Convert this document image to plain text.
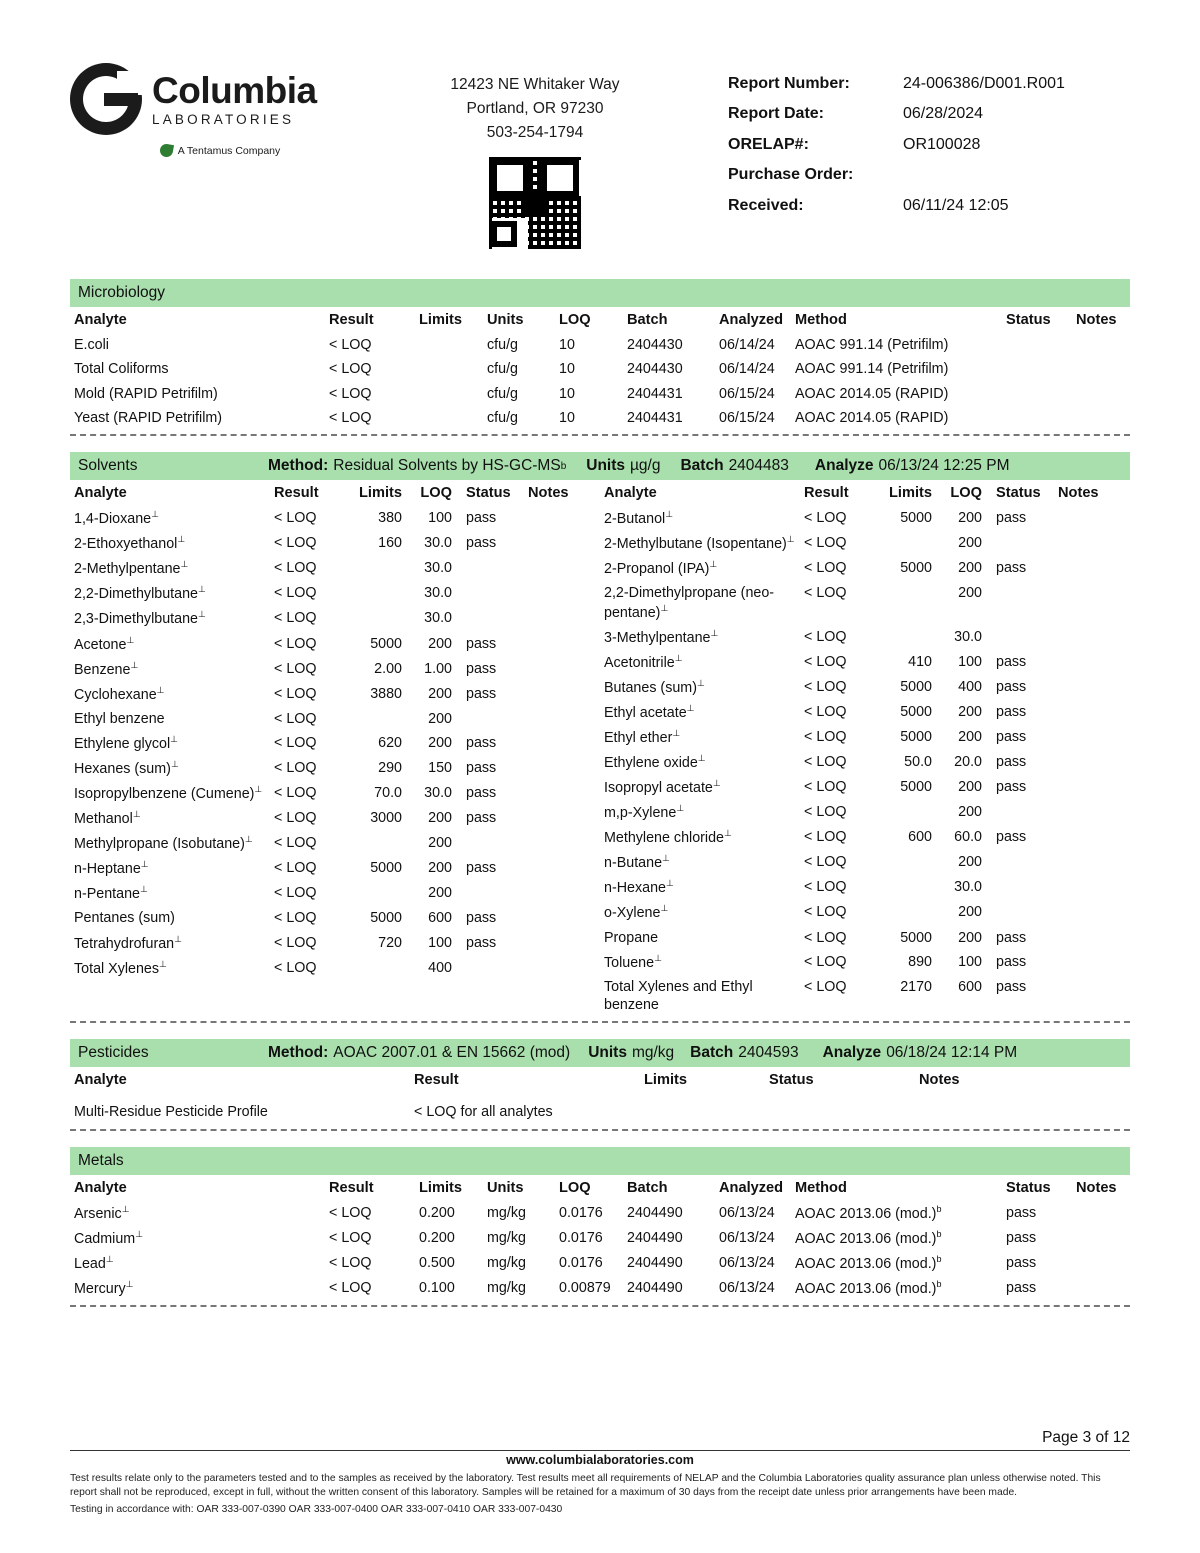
Columbia
LABORATORIES
A Tentamus Company
12423 NE Whitaker Way
Portland, OR 97230
503-254-1794
Report Number:	24-006386/D001.R001
Report Date:	06/28/2024
ORELAP#:	OR100028
Purchase Order:
Received:	06/11/24 12:05
Microbiology
Analyte	Result	Limits	Units	LOQ	Batch	Analyzed	Method	Status	Notes
E.coli	< LOQ		cfu/g	10	2404430	06/14/24	AOAC 991.14 (Petrifilm)		
Total Coliforms	< LOQ		cfu/g	10	2404430	06/14/24	AOAC 991.14 (Petrifilm)		
Mold (RAPID Petrifilm)	< LOQ		cfu/g	10	2404431	06/15/24	AOAC 2014.05 (RAPID)		
Yeast (RAPID Petrifilm)	< LOQ		cfu/g	10	2404431	06/15/24	AOAC 2014.05 (RAPID)		
Solvents	Method: Residual Solvents by HS-GC-MS b Units µg/g Batch 2404483 Analyze 06/13/24 12:25 PM
Analyte	Result	Limits	LOQ	Status	Notes
1,4-Dioxane⊥	< LOQ	380	100	pass	
2-Ethoxyethanol⊥	< LOQ	160	30.0	pass	
2-Methylpentane⊥	< LOQ		30.0		
2,2-Dimethylbutane⊥	< LOQ		30.0		
2,3-Dimethylbutane⊥	< LOQ		30.0		
Acetone⊥	< LOQ	5000	200	pass	
Benzene⊥	< LOQ	2.00	1.00	pass	
Cyclohexane⊥	< LOQ	3880	200	pass	
Ethyl benzene	< LOQ		200		
Ethylene glycol⊥	< LOQ	620	200	pass	
Hexanes (sum)⊥	< LOQ	290	150	pass	
Isopropylbenzene (Cumene)⊥	< LOQ	70.0	30.0	pass	
Methanol⊥	< LOQ	3000	200	pass	
Methylpropane (Isobutane)⊥	< LOQ		200		
n-Heptane⊥	< LOQ	5000	200	pass	
n-Pentane⊥	< LOQ		200		
Pentanes (sum)	< LOQ	5000	600	pass	
Tetrahydrofuran⊥	< LOQ	720	100	pass	
Total Xylenes⊥	< LOQ		400		
Analyte	Result	Limits	LOQ	Status	Notes
2-Butanol⊥	< LOQ	5000	200	pass	
2-Methylbutane (Isopentane)⊥	< LOQ		200		
2-Propanol (IPA)⊥	< LOQ	5000	200	pass	
2,2-Dimethylpropane (neo-pentane)⊥	< LOQ		200		
3-Methylpentane⊥	< LOQ		30.0		
Acetonitrile⊥	< LOQ	410	100	pass	
Butanes (sum)⊥	< LOQ	5000	400	pass	
Ethyl acetate⊥	< LOQ	5000	200	pass	
Ethyl ether⊥	< LOQ	5000	200	pass	
Ethylene oxide⊥	< LOQ	50.0	20.0	pass	
Isopropyl acetate⊥	< LOQ	5000	200	pass	
m,p-Xylene⊥	< LOQ		200		
Methylene chloride⊥	< LOQ	600	60.0	pass	
n-Butane⊥	< LOQ		200		
n-Hexane⊥	< LOQ		30.0		
o-Xylene⊥	< LOQ		200		
Propane	< LOQ	5000	200	pass	
Toluene⊥	< LOQ	890	100	pass	
Total Xylenes and Ethyl benzene	< LOQ	2170	600	pass	
Pesticides	Method: AOAC 2007.01 & EN 15662 (mod) Units mg/kg Batch 2404593 Analyze 06/18/24 12:14 PM
Analyte	Result	Limits	Status	Notes
Multi-Residue Pesticide Profile	< LOQ for all analytes			
Metals
Analyte	Result	Limits	Units	LOQ	Batch	Analyzed	Method	Status	Notes
Arsenic⊥	< LOQ	0.200	mg/kg	0.0176	2404490	06/13/24	AOAC 2013.06 $(mod.)^b$	pass	
Cadmium⊥	< LOQ	0.200	mg/kg	0.0176	2404490	06/13/24	AOAC 2013.06 $(mod.)^b$	pass	
Lead⊥	< LOQ	0.500	mg/kg	0.0176	2404490	06/13/24	AOAC 2013.06 $(mod.)^b$	pass	
Mercury⊥	< LOQ	0.100	mg/kg	0.00879	2404490	06/13/24	AOAC 2013.06 $(mod.)^b$	pass	
Page 3 of 12
www.columbialaboratories.com
Test results relate only to the parameters tested and to the samples as received by the laboratory. Test results meet all requirements of NELAP and the Columbia Laboratories quality assurance plan unless otherwise noted. This report shall not be reproduced, except in full, without the written consent of this laboratory. Samples will be retained for a maximum of 30 days from the receipt date unless prior arrangements have been made.
Testing in accordance with: OAR 333-007-0390 OAR 333-007-0400 OAR 333-007-0410 OAR 333-007-0430
